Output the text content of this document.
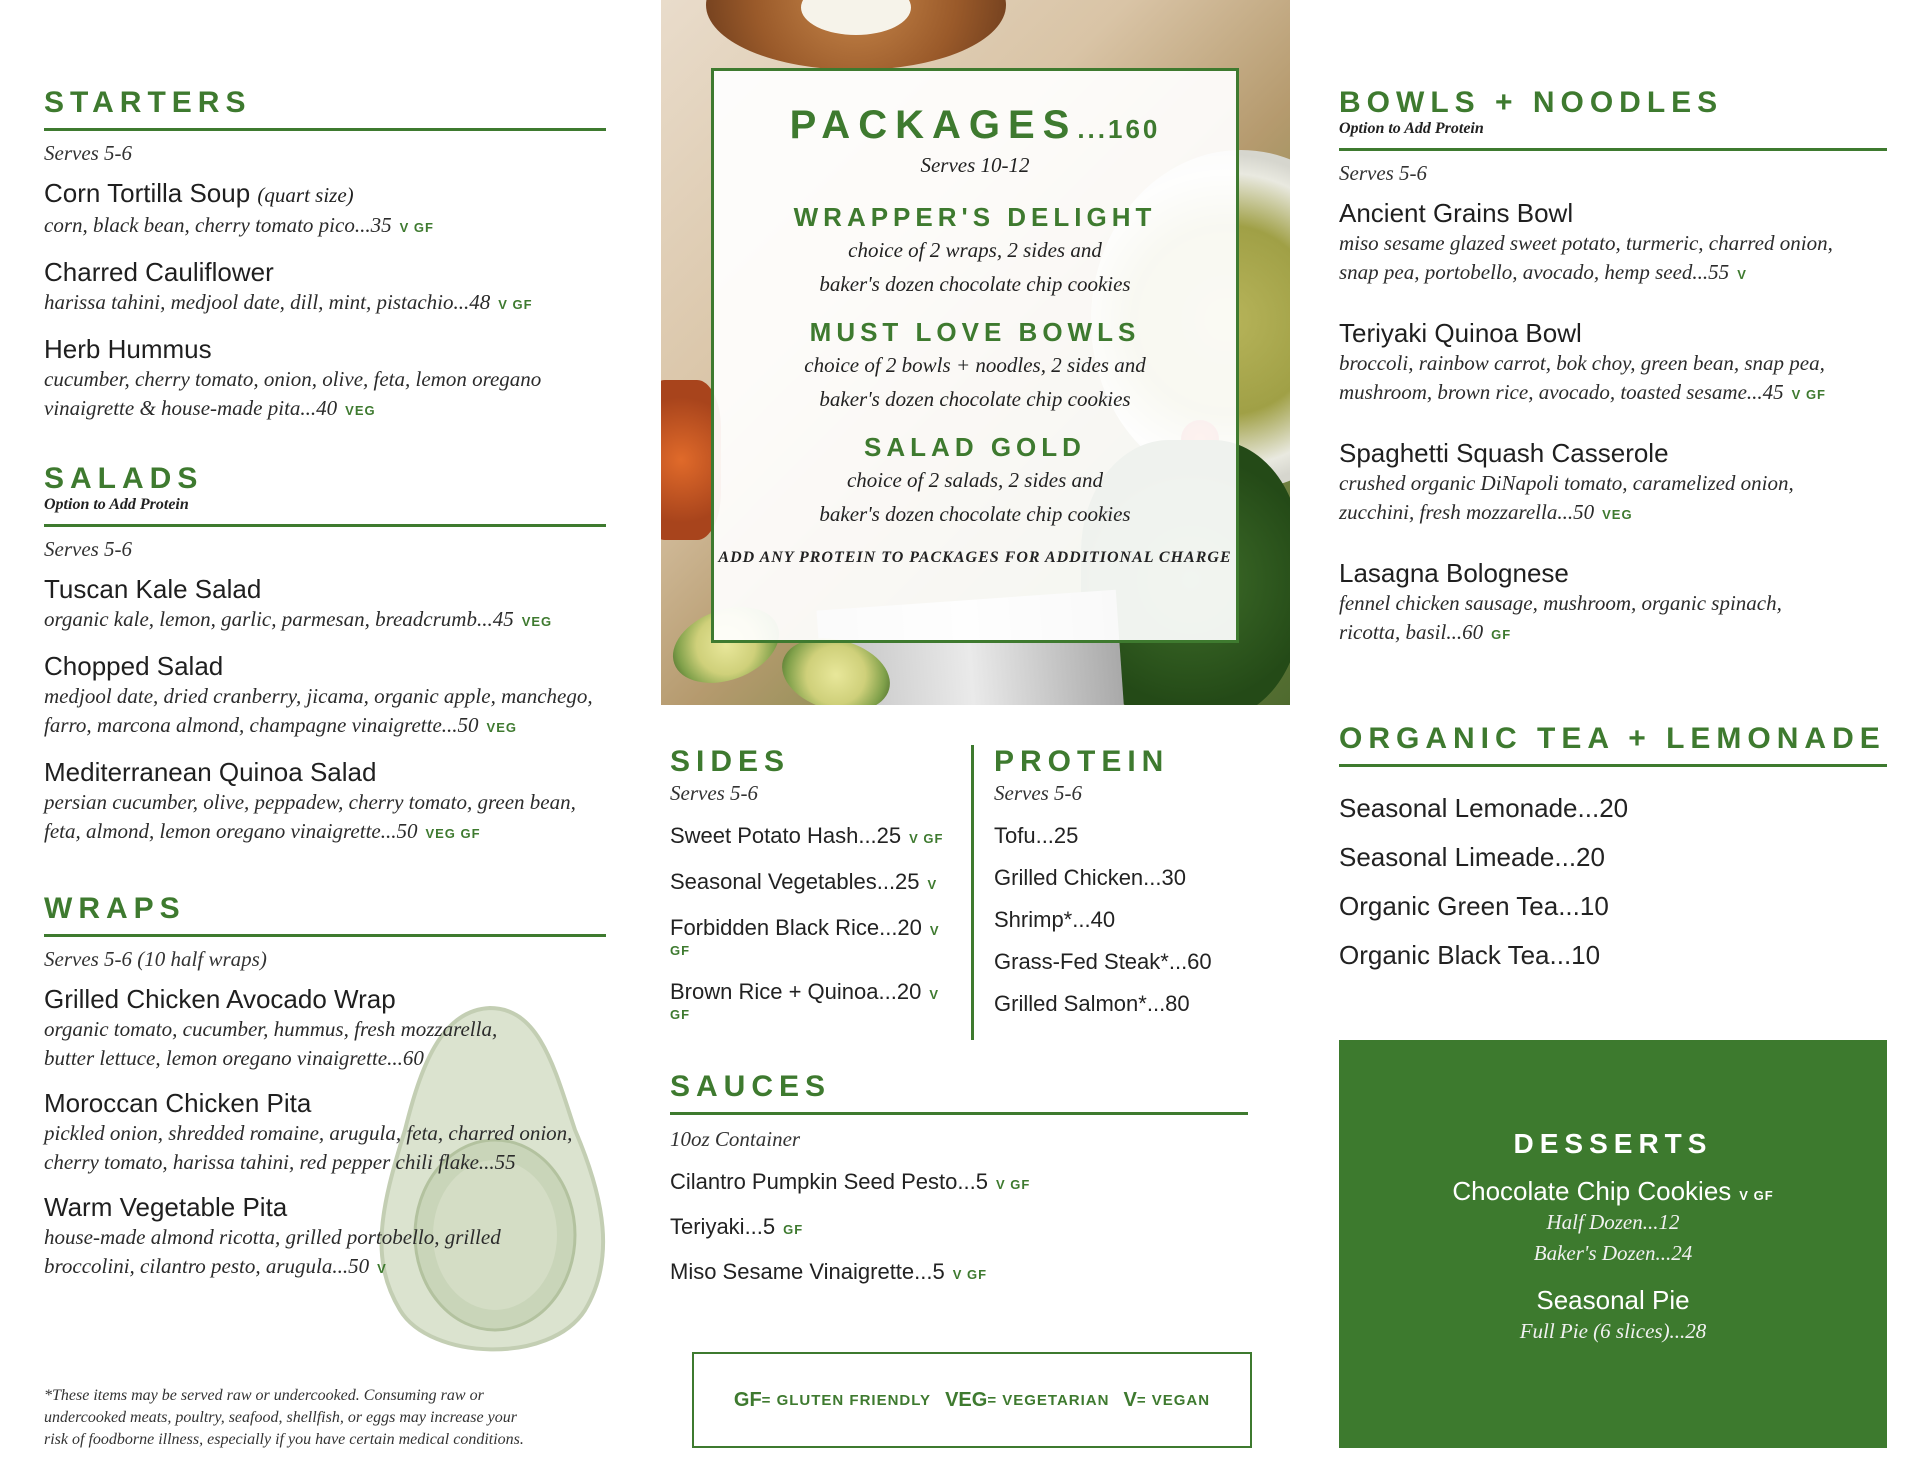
STARTERS
Serves 5-6
Corn Tortilla Soup (quart size)
corn, black bean, cherry tomato pico...35 V GF
Charred Cauliflower
harissa tahini, medjool date, dill, mint, pistachio...48 V GF
Herb Hummus
cucumber, cherry tomato, onion, olive, feta, lemon oregano
vinaigrette & house-made pita...40 VEG
SALADS
Option to Add Protein
Serves 5-6
Tuscan Kale Salad
organic kale, lemon, garlic, parmesan, breadcrumb...45 VEG
Chopped Salad
medjool date, dried cranberry, jicama, organic apple, manchego,
farro, marcona almond, champagne vinaigrette...50 VEG
Mediterranean Quinoa Salad
persian cucumber, olive, peppadew, cherry tomato, green bean,
feta, almond, lemon oregano vinaigrette...50 VEG GF
WRAPS
Serves 5-6 (10 half wraps)
Grilled Chicken Avocado Wrap
organic tomato, cucumber, hummus, fresh mozzarella,
butter lettuce, lemon oregano vinaigrette...60
Moroccan Chicken Pita
pickled onion, shredded romaine, arugula, feta, charred onion,
cherry tomato, harissa tahini, red pepper chili flake...55
Warm Vegetable Pita
house-made almond ricotta, grilled portobello, grilled
broccolini, cilantro pesto, arugula...50 V
*These items may be served raw or undercooked. Consuming raw or
undercooked meats, poultry, seafood, shellfish, or eggs may increase your
risk of foodborne illness, especially if you have certain medical conditions.
PACKAGES...160
Serves 10-12
WRAPPER'S DELIGHT
choice of 2 wraps, 2 sides and
baker's dozen chocolate chip cookies
MUST LOVE BOWLS
choice of 2 bowls + noodles, 2 sides and
baker's dozen chocolate chip cookies
SALAD GOLD
choice of 2 salads, 2 sides and
baker's dozen chocolate chip cookies
ADD ANY PROTEIN TO PACKAGES FOR ADDITIONAL CHARGE
SIDES
Serves 5-6
Sweet Potato Hash...25 V GF
Seasonal Vegetables...25 V
Forbidden Black Rice...20 V GF
Brown Rice + Quinoa...20 V GF
PROTEIN
Serves 5-6
Tofu...25
Grilled Chicken...30
Shrimp*...40
Grass-Fed Steak*...60
Grilled Salmon*...80
SAUCES
10oz Container
Cilantro Pumpkin Seed Pesto...5 V GF
Teriyaki...5 GF
Miso Sesame Vinaigrette...5 V GF
GF = GLUTEN FRIENDLY VEG = VEGETARIAN V = VEGAN
BOWLS + NOODLES
Option to Add Protein
Serves 5-6
Ancient Grains Bowl
miso sesame glazed sweet potato, turmeric, charred onion,
snap pea, portobello, avocado, hemp seed...55 V
Teriyaki Quinoa Bowl
broccoli, rainbow carrot, bok choy, green bean, snap pea,
mushroom, brown rice, avocado, toasted sesame...45 V GF
Spaghetti Squash Casserole
crushed organic DiNapoli tomato, caramelized onion,
zucchini, fresh mozzarella...50 VEG
Lasagna Bolognese
fennel chicken sausage, mushroom, organic spinach,
ricotta, basil...60 GF
ORGANIC TEA + LEMONADE
Seasonal Lemonade...20
Seasonal Limeade...20
Organic Green Tea...10
Organic Black Tea...10
DESSERTS
Chocolate Chip Cookies V GF
Half Dozen...12
Baker's Dozen...24
Seasonal Pie
Full Pie (6 slices)...28
